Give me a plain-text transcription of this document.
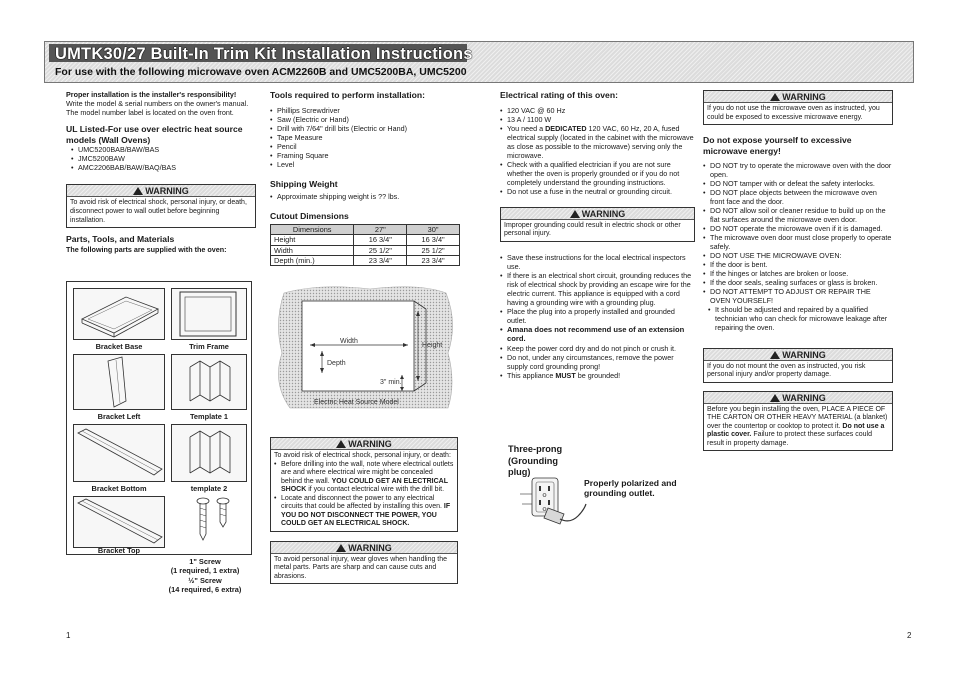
UMTK30/27 Built-In Trim Kit Installation Instructions
For use with the following microwave oven ACM2260B and UMC5200BA, UMC5200
Proper installation is the installer's responsibility!
Write the model & serial numbers on the owner's manual. The model number label is located on the oven front.
UL Listed-For use over electric heat source models (Wall Ovens)
• UMC5200BAB/BAW/BAS
• JMC5200BAW
• AMC2206BAB/BAW/BAQ/BAS
WARNING
To avoid risk of electrical shock, personal injury, or death, disconnect power to wall outlet before beginning installation.
Parts, Tools, and Materials
The following parts are supplied with the oven:
Bracket Base	Trim Frame
Bracket Left	Template 1
Bracket Bottom	template 2
Bracket Top
1" Screw
(1 required, 1 extra)
½" Screw
(14 required, 6 extra)
Tools required to perform installation:
• Phillips Screwdriver
• Saw (Electric or Hand)
• Drill with 7/64" drill bits (Electric or Hand)
• Tape Measure
• Pencil
• Framing Square
• Level
Shipping Weight
• Approximate shipping weight is ?? lbs.
Cutout Dimensions
Dimensions	27"	30"
Height	16 3/4"	16 3/4"
Width	25 1/2"	25 1/2"
Depth (min.)	23 3/4"	23 3/4"
Width
Depth
Height
3" min.
Electric Heat Source Model
WARNING
To avoid risk of electrical shock, personal injury, or death:
• Before drilling into the wall, note where electrical outlets are and where electrical wire might be concealed behind the wall. YOU COULD GET AN ELECTRICAL SHOCK if you contact electrical wire with the drill bit.
• Locate and disconnect the power to any electrical circuits that could be affected by installing this oven. IF YOU DO NOT DISCONNECT THE POWER, YOU COULD GET AN ELECTRICAL SHOCK.
WARNING
To avoid personal injury, wear gloves when handling the metal parts. Parts are sharp and can cause cuts and abrasions.
Electrical rating of this oven:
• 120 VAC @ 60 Hz
• 13 A / 1100 W
• You need a DEDICATED 120 VAC, 60 Hz, 20 A, fused electrical supply (located in the cabinet with the microwave as close as possible to the microwave) serving only the microwave.
• Check with a qualified electrician if you are not sure whether the oven is properly grounded or if you do not completely understand the grounding instructions.
• Do not use a fuse in the neutral or grounding circuit.
WARNING
Improper grounding could result in electric shock or other personal injury.
• Save these instructions for the local electrical inspectors use.
• If there is an electrical short circuit, grounding reduces the risk of electrical shock by providing an escape wire for the electric current. This appliance is equipped with a cord having a grounding wire with a grounding plug.
• Place the plug into a properly installed and grounded outlet.
• Amana does not recommend use of an extension cord.
• Keep the power cord dry and do not pinch or crush it.
• Do not, under any circumstances, remove the power supply cord grounding prong!
• This appliance MUST be grounded!
Three-prong (Grounding plug)
Properly polarized and grounding outlet.
WARNING
If you do not use the microwave oven as instructed, you could be exposed to excessive microwave energy.
Do not expose yourself to excessive microwave energy!
• DO NOT try to operate the microwave oven with the door open.
• DO NOT tamper with or defeat the safety interlocks.
• DO NOT place objects between the microwave oven front face and the door.
• DO NOT allow soil or cleaner residue to build up on the flat surfaces around the microwave oven door.
• DO NOT operate the microwave oven if it is damaged.
• The microwave oven door must close properly to operate safely.
• DO NOT USE THE MICROWAVE OVEN:
• If the door is bent.
• If the hinges or latches are broken or loose.
• If the door seals, sealing surfaces or glass is broken.
• DO NOT ATTEMPT TO ADJUST OR REPAIR THE OVEN YOURSELF!
• It should be adjusted and repaired by a qualified technician who can check for microwave leakage after repairing the oven.
WARNING
If you do not mount the oven as instructed, you risk personal injury and/or property damage.
WARNING
Before you begin installing the oven, PLACE A PIECE OF THE CARTON OR OTHER HEAVY MATERIAL (a blanket) over the countertop or cooktop to protect it. Do not use a plastic cover. Failure to protect these surfaces could result in property damage.
1	2
